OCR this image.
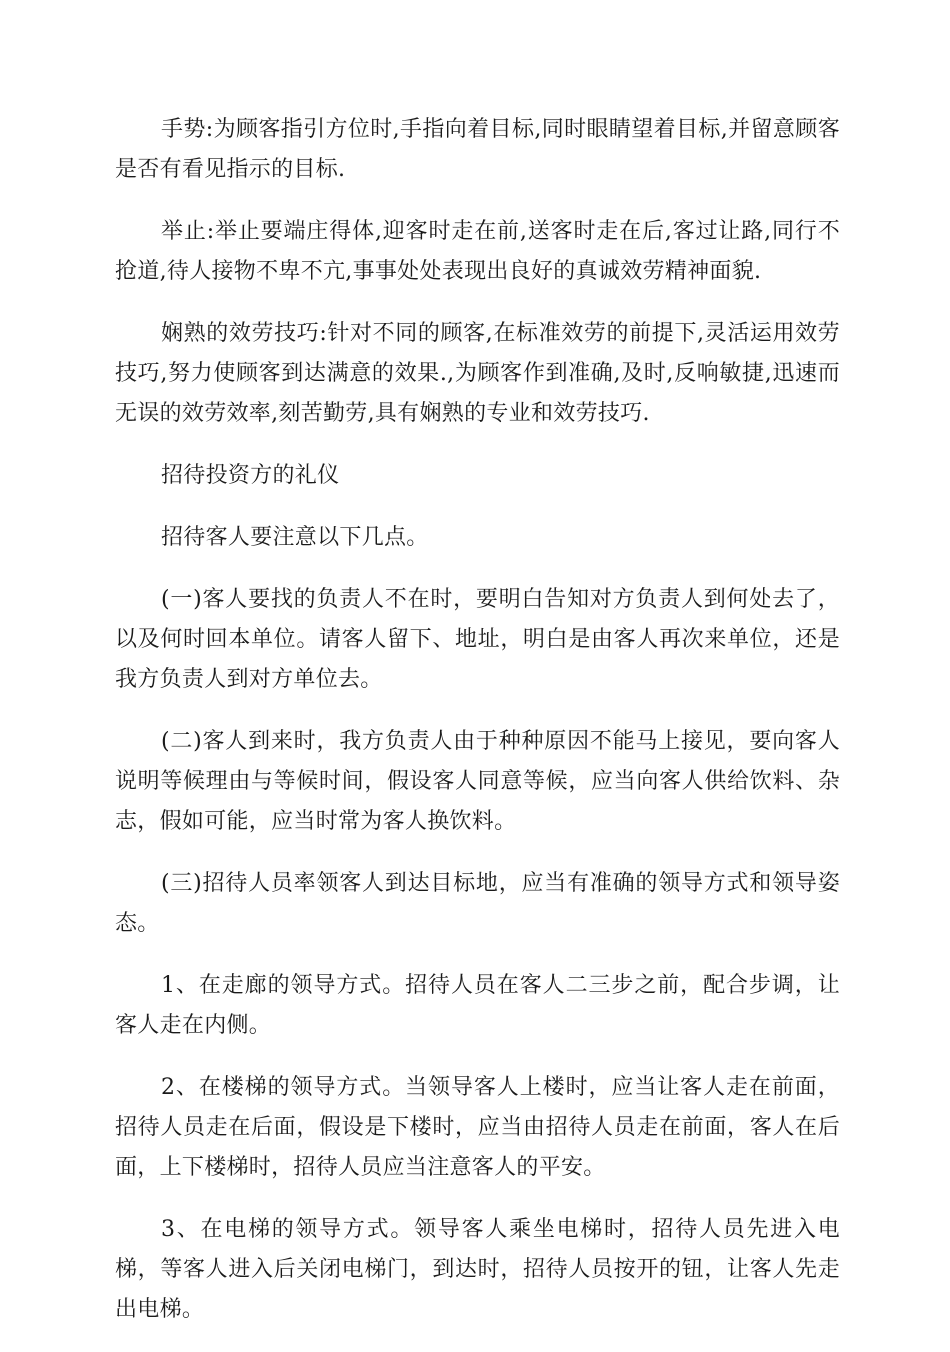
手势:为顾客指引方位时,手指向着目标,同时眼睛望着目标,并留意顾客是否有看见指示的目标.

举止:举止要端庄得体,迎客时走在前,送客时走在后,客过让路,同行不抢道,待人接物不卑不亢,事事处处表现出良好的真诚效劳精神面貌.

娴熟的效劳技巧:针对不同的顾客,在标准效劳的前提下,灵活运用效劳技巧,努力使顾客到达满意的效果.,为顾客作到准确,及时,反响敏捷,迅速而无误的效劳效率,刻苦勤劳,具有娴熟的专业和效劳技巧.

招待投资方的礼仪

招待客人要注意以下几点。

(一)客人要找的负责人不在时，要明白告知对方负责人到何处去了，以及何时回本单位。请客人留下、地址，明白是由客人再次来单位，还是我方负责人到对方单位去。

(二)客人到来时，我方负责人由于种种原因不能马上接见，要向客人说明等候理由与等候时间，假设客人同意等候，应当向客人供给饮料、杂志，假如可能，应当时常为客人换饮料。

(三)招待人员率领客人到达目标地，应当有准确的领导方式和领导姿态。

1、在走廊的领导方式。招待人员在客人二三步之前，配合步调，让客人走在内侧。

2、在楼梯的领导方式。当领导客人上楼时，应当让客人走在前面，招待人员走在后面，假设是下楼时，应当由招待人员走在前面，客人在后面，上下楼梯时，招待人员应当注意客人的平安。

3、在电梯的领导方式。领导客人乘坐电梯时，招待人员先进入电梯，等客人进入后关闭电梯门，到达时，招待人员按开的钮，让客人先走出电梯。
